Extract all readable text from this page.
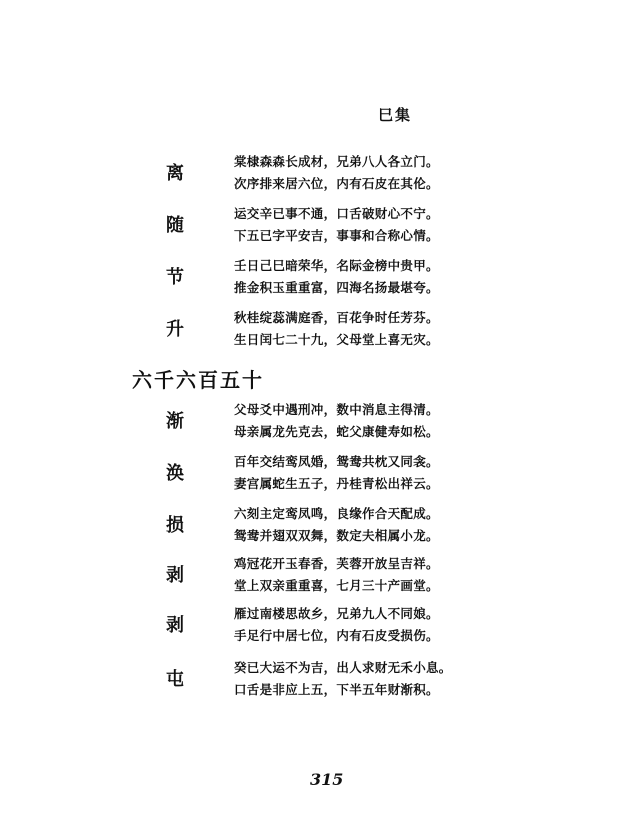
巳集
离
棠棣森森长成材，兄弟八人各立门。
次序排来居六位，内有石皮在其伦。
随
运交辛已事不通，口舌破财心不宁。
下五已字平安吉，事事和合称心情。
节
壬日己巳暗荣华，名际金榜中贵甲。
推金积玉重重富，四海名扬最堪夸。
升
秋桂绽蕊满庭香，百花争时任芳芬。
生日闰七二十九，父母堂上喜无灾。
六千六百五十
渐
父母爻中遇刑冲，数中消息主得清。
母亲属龙先克去，蛇父康健寿如松。
涣
百年交结鸾凤婚，鸳鸯共枕又同衾。
妻宫属蛇生五子，丹桂青松出祥云。
损
六刻主定鸾凤鸣，良缘作合天配成。
鸳鸯并翅双双舞，数定夫相属小龙。
剥
鸡冠花开玉春香，芙蓉开放呈吉祥。
堂上双亲重重喜，七月三十产画堂。
剥
雁过南楼思故乡，兄弟九人不同娘。
手足行中居七位，内有石皮受损伤。
屯
癸已大运不为吉，出人求财无禾小息。
口舌是非应上五，下半五年财渐积。
315
